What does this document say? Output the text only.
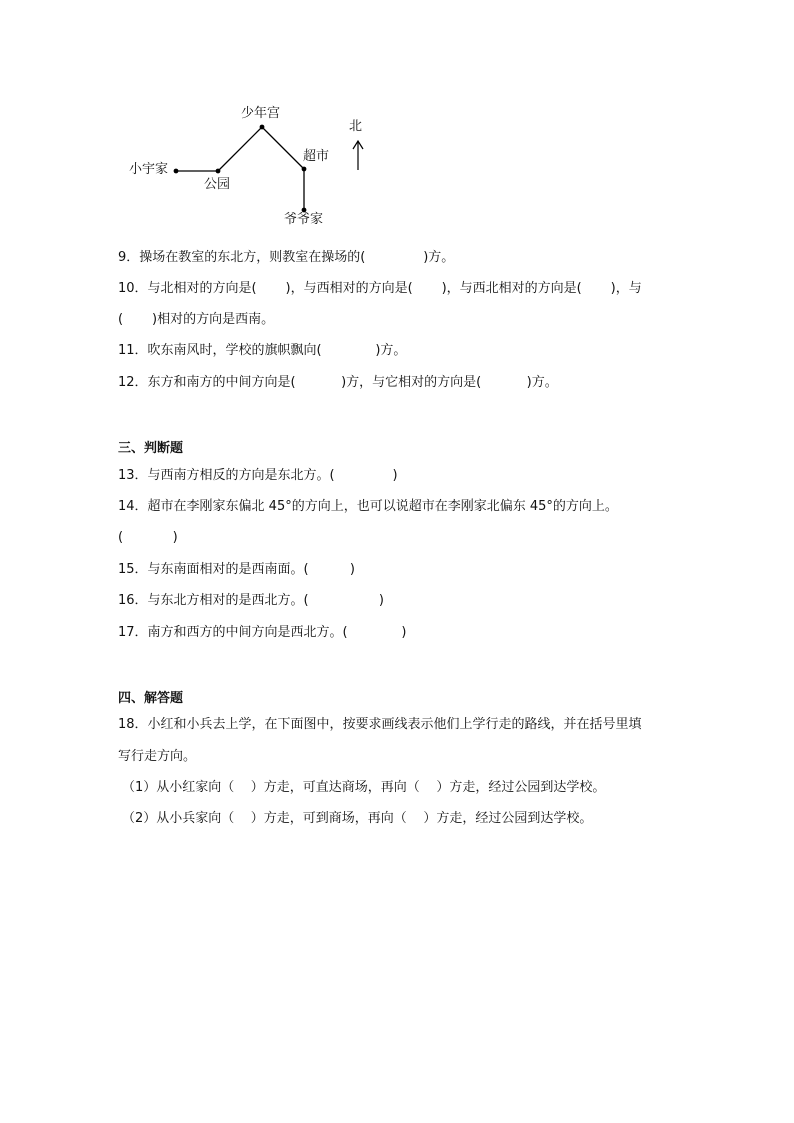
少年宫
超市
小宇家
公园
爷爷家
北
9．操场在教室的东北方，则教室在操场的(              )方。
10．与北相对的方向是(       )，与西相对的方向是(       )，与西北相对的方向是(       )，与
(       )相对的方向是西南。
11．吹东南风时，学校的旗帜飘向(             )方。
12．东方和南方的中间方向是(           )方，与它相对的方向是(           )方。
三、判断题
13．与西南方相反的方向是东北方。(              )
14．超市在李刚家东偏北 45°的方向上，也可以说超市在李刚家北偏东 45°的方向上。
(            )
15．与东南面相对的是西南面。(          )
16．与东北方相对的是西北方。(                 )
17．南方和西方的中间方向是西北方。(             )
四、解答题
18．小红和小兵去上学，在下面图中，按要求画线表示他们上学行走的路线，并在括号里填
写行走方向。
（1）从小红家向（    ）方走，可直达商场，再向（    ）方走，经过公园到达学校。
（2）从小兵家向（    ）方走，可到商场，再向（    ）方走，经过公园到达学校。
